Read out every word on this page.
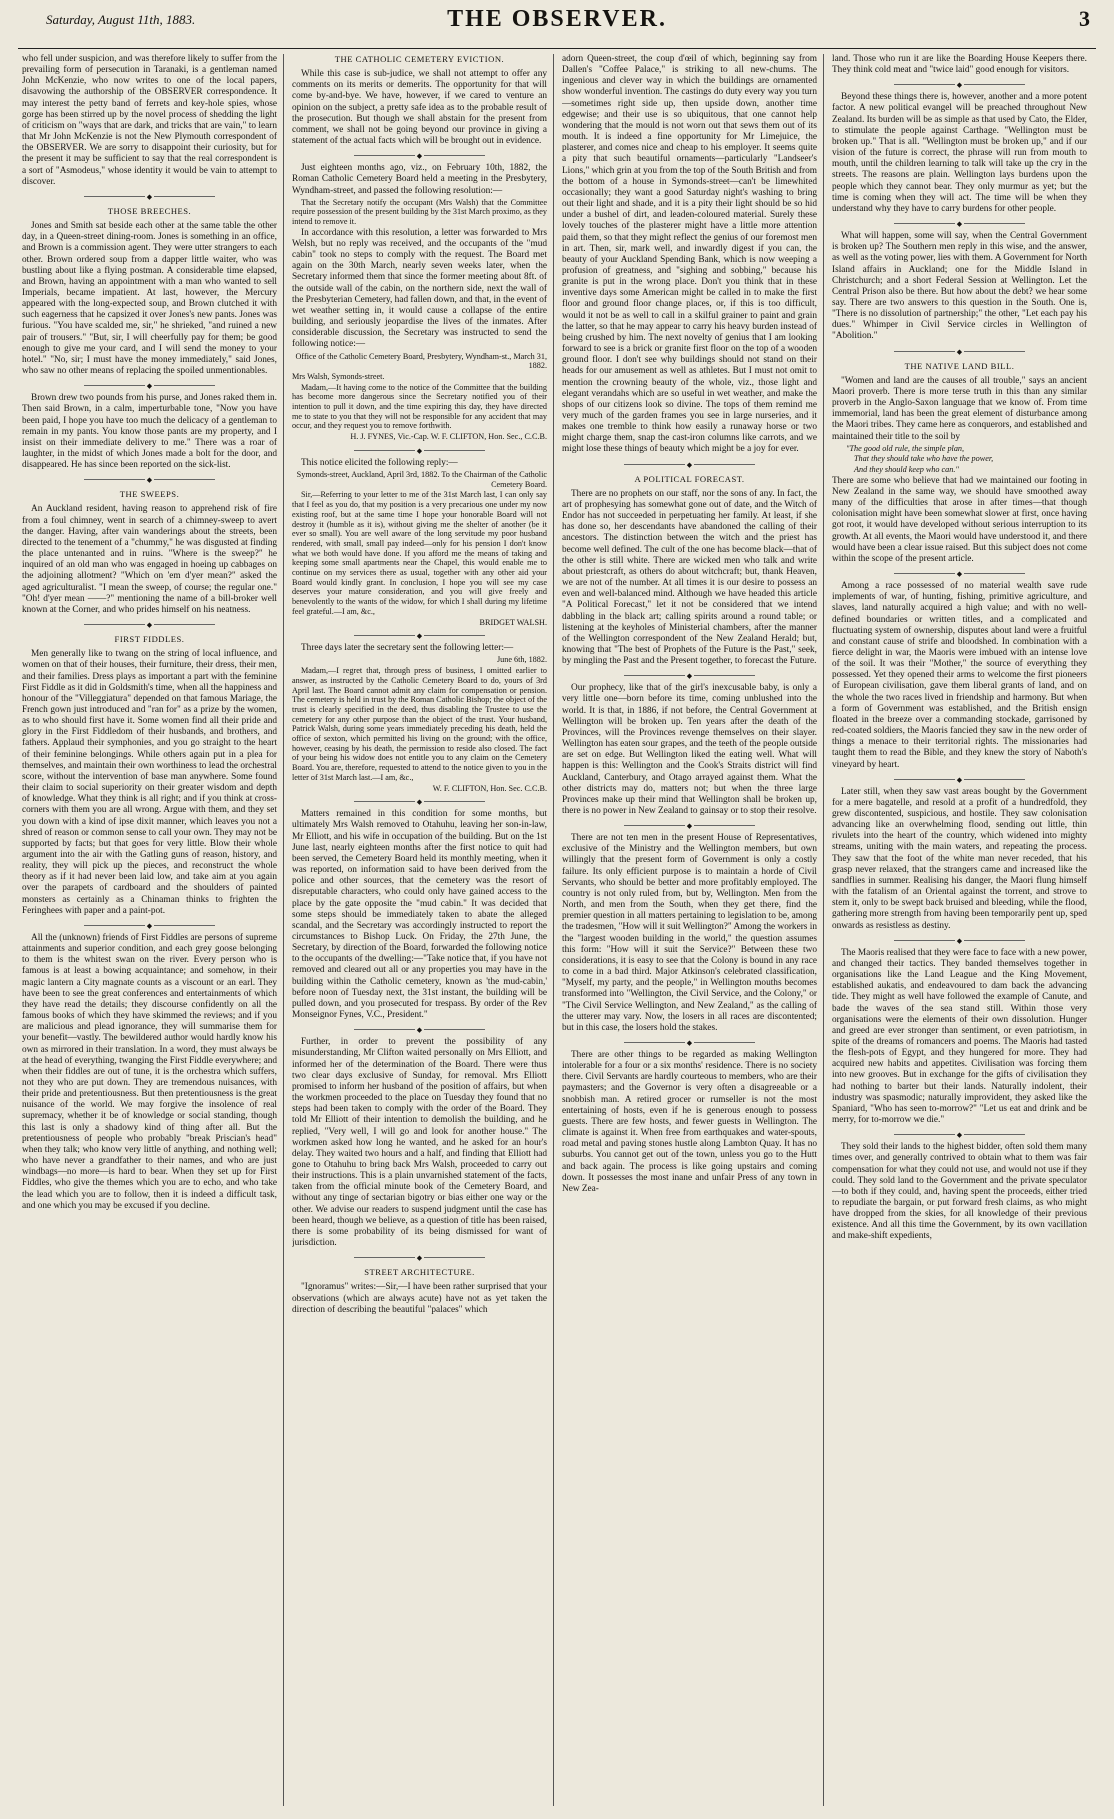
Saturday, August 11th, 1883.	THE OBSERVER.	3

who fell under suspicion, and was therefore likely to suffer from the prevailing form of persecution in Taranaki, is a gentleman named John McKenzie, who now writes to one of the local papers, disavowing the authorship of the OBSERVER correspondence. It may interest the petty band of ferrets and key-hole spies, whose gorge has been stirred up by the novel process of shedding the light of criticism on "ways that are dark, and tricks that are vain," to learn that Mr John McKenzie is not the New Plymouth correspondent of the OBSERVER. We are sorry to disappoint their curiosity, but for the present it may be sufficient to say that the real correspondent is a sort of "Asmodeus," whose identity it would be vain to attempt to discover.

◆
THOSE BREECHES.

Jones and Smith sat beside each other at the same table the other day, in a Queen-street dining-room. Jones is something in an office, and Brown is a commission agent. They were utter strangers to each other. Brown ordered soup from a dapper little waiter, who was bustling about like a flying postman. A considerable time elapsed, and Brown, having an appointment with a man who wanted to sell Imperials, became impatient. At last, however, the Mercury appeared with the long-expected soup, and Brown clutched it with such eagerness that he capsized it over Jones's new pants. Jones was furious. "You have scalded me, sir," he shrieked, "and ruined a new pair of trousers." "But, sir, I will cheerfully pay for them; be good enough to give me your card, and I will send the money to your hotel." "No, sir; I must have the money immediately," said Jones, who saw no other means of replacing the spoiled unmentionables.

◆

Brown drew two pounds from his purse, and Jones raked them in. Then said Brown, in a calm, imperturbable tone, "Now you have been paid, I hope you have too much the delicacy of a gentleman to remain in my pants. You know those pants are my property, and I insist on their immediate delivery to me." There was a roar of laughter, in the midst of which Jones made a bolt for the door, and disappeared. He has since been reported on the sick-list.

◆
THE SWEEPS.

An Auckland resident, having reason to apprehend risk of fire from a foul chimney, went in search of a chimney-sweep to avert the danger. Having, after vain wanderings about the streets, been directed to the tenement of a "chummy," he was disgusted at finding the place untenanted and in ruins. "Where is the sweep?" he inquired of an old man who was engaged in hoeing up cabbages on the adjoining allotment? "Which on 'em d'yer mean?" asked the aged agriculturalist. "I mean the sweep, of course; the regular one." "Oh! d'yer mean ——?" mentioning the name of a bill-broker well known at the Corner, and who prides himself on his neatness.

◆
FIRST FIDDLES.

Men generally like to twang on the string of local influence, and women on that of their houses, their furniture, their dress, their men, and their families. Dress plays as important a part with the feminine First Fiddle as it did in Goldsmith's time, when all the happiness and honour of the "Villeggiatura" depended on that famous Mariage, the French gown just introduced and "ran for" as a prize by the women, as to who should first have it. Some women find all their pride and glory in the First Fiddledom of their husbands, and brothers, and fathers. Applaud their symphonies, and you go straight to the heart of their feminine belongings. While others again put in a plea for themselves, and maintain their own worthiness to lead the orchestral score, without the intervention of base man anywhere. Some found their claim to social superiority on their greater wisdom and depth of knowledge. What they think is all right; and if you think at cross-corners with them you are all wrong. Argue with them, and they set you down with a kind of ipse dixit manner, which leaves you not a shred of reason or common sense to call your own. They may not be supported by facts; but that goes for very little. Blow their whole argument into the air with the Gatling guns of reason, history, and reality, they will pick up the pieces, and reconstruct the whole theory as if it had never been laid low, and take aim at you again over the parapets of cardboard and the shoulders of painted monsters as certainly as a Chinaman thinks to frighten the Feringhees with paper and a paint-pot.

◆

All the (unknown) friends of First Fiddles are persons of supreme attainments and superior condition, and each grey goose belonging to them is the whitest swan on the river. Every person who is famous is at least a bowing acquaintance; and somehow, in their magic lantern a City magnate counts as a viscount or an earl. They have been to see the great conferences and entertainments of which they have read the details; they discourse confidently on all the famous books of which they have skimmed the reviews; and if you are malicious and plead ignorance, they will summarise them for your benefit—vastly. The bewildered author would hardly know his own as mirrored in their translation. In a word, they must always be at the head of everything, twanging the First Fiddle everywhere; and when their fiddles are out of tune, it is the orchestra which suffers, not they who are put down. They are tremendous nuisances, with their pride and pretentiousness. But then pretentiousness is the great nuisance of the world. We may forgive the insolence of real supremacy, whether it be of knowledge or social standing, though this last is only a shadowy kind of thing after all. But the pretentiousness of people who probably "break Priscian's head" when they talk; who know very little of anything, and nothing well; who have never a grandfather to their names, and who are just windbags—no more—is hard to bear. When they set up for First Fiddles, who give the themes which you are to echo, and who take the lead which you are to follow, then it is indeed a difficult task, and one which you may be excused if you decline.

THE CATHOLIC CEMETERY EVICTION.

While this case is sub-judice, we shall not attempt to offer any comments on its merits or demerits. The opportunity for that will come by-and-bye. We have, however, if we cared to venture an opinion on the subject, a pretty safe idea as to the probable result of the prosecution. But though we shall abstain for the present from comment, we shall not be going beyond our province in giving a statement of the actual facts which will be brought out in evidence.

◆

Just eighteen months ago, viz., on February 10th, 1882, the Roman Catholic Cemetery Board held a meeting in the Presbytery, Wyndham-street, and passed the following resolution:—

That the Secretary notify the occupant (Mrs Walsh) that the Committee require possession of the present building by the 31st March proximo, as they intend to remove it.

In accordance with this resolution, a letter was forwarded to Mrs Welsh, but no reply was received, and the occupants of the "mud cabin" took no steps to comply with the request. The Board met again on the 30th March, nearly seven weeks later, when the Secretary informed them that since the former meeting about 8ft. of the outside wall of the cabin, on the northern side, next the wall of the Presbyterian Cemetery, had fallen down, and that, in the event of wet weather setting in, it would cause a collapse of the entire building, and seriously jeopardise the lives of the inmates. After considerable discussion, the Secretary was instructed to send the following notice:—

Office of the Catholic Cemetery Board, Presbytery, Wyndham-st., March 31, 1882.

Mrs Walsh, Symonds-street.

Madam,—It having come to the notice of the Committee that the building has become more dangerous since the Secretary notified you of their intention to pull it down, and the time expiring this day, they have directed me to state to you that they will not be responsible for any accident that may occur, and they request you to remove forthwith.

H. J. FYNES, Vic.-Cap. W. F. CLIFTON, Hon. Sec., C.C.B.

◆

This notice elicited the following reply:—

Symonds-street, Auckland, April 3rd, 1882. To the Chairman of the Catholic Cemetery Board.

Sir,—Referring to your letter to me of the 31st March last, I can only say that I feel as you do, that my position is a very precarious one under my now existing roof, but at the same time I hope your honorable Board will not destroy it (humble as it is), without giving me the shelter of another (be it ever so small). You are well aware of the long servitude my poor husband rendered, with small, small pay indeed—only for his pension I don't know what we both would have done. If you afford me the means of taking and keeping some small apartments near the Chapel, this would enable me to continue on my services there as usual, together with any other aid your Board would kindly grant. In conclusion, I hope you will see my case deserves your mature consideration, and you will give freely and benevolently to the wants of the widow, for which I shall during my lifetime feel grateful.—I am, &c.,

BRIDGET WALSH.

◆

Three days later the secretary sent the following letter:—

June 6th, 1882.

Madam,—I regret that, through press of business, I omitted earlier to answer, as instructed by the Catholic Cemetery Board to do, yours of 3rd April last. The Board cannot admit any claim for compensation or pension. The cemetery is held in trust by the Roman Catholic Bishop; the object of the trust is clearly specified in the deed, thus disabling the Trustee to use the cemetery for any other purpose than the object of the trust. Your husband, Patrick Walsh, during some years immediately preceding his death, held the office of sexton, which permitted his living on the ground; with the office, however, ceasing by his death, the permission to reside also closed. The fact of your being his widow does not entitle you to any claim on the Cemetery Board. You are, therefore, requested to attend to the notice given to you in the letter of 31st March last.—I am, &c.,

W. F. CLIFTON, Hon. Sec. C.C.B.

◆

Matters remained in this condition for some months, but ultimately Mrs Walsh removed to Otahuhu, leaving her son-in-law, Mr Elliott, and his wife in occupation of the building. But on the 1st June last, nearly eighteen months after the first notice to quit had been served, the Cemetery Board held its monthly meeting, when it was reported, on information said to have been derived from the police and other sources, that the cemetery was the resort of disreputable characters, who could only have gained access to the place by the gate opposite the "mud cabin." It was decided that some steps should be immediately taken to abate the alleged scandal, and the Secretary was accordingly instructed to report the circumstances to Bishop Luck. On Friday, the 27th June, the Secretary, by direction of the Board, forwarded the following notice to the occupants of the dwelling:—"Take notice that, if you have not removed and cleared out all or any properties you may have in the building within the Catholic cemetery, known as 'the mud-cabin,' before noon of Tuesday next, the 31st instant, the building will be pulled down, and you prosecuted for trespass. By order of the Rev Monseignor Fynes, V.C., President."

◆

Further, in order to prevent the possibility of any misunderstanding, Mr Clifton waited personally on Mrs Elliott, and informed her of the determination of the Board. There were thus two clear days exclusive of Sunday, for removal. Mrs Elliott promised to inform her husband of the position of affairs, but when the workmen proceeded to the place on Tuesday they found that no steps had been taken to comply with the order of the Board. They told Mr Elliott of their intention to demolish the building, and he replied, "Very well, I will go and look for another house." The workmen asked how long he wanted, and he asked for an hour's delay. They waited two hours and a half, and finding that Elliott had gone to Otahuhu to bring back Mrs Walsh, proceeded to carry out their instructions. This is a plain unvarnished statement of the facts, taken from the official minute book of the Cemetery Board, and without any tinge of sectarian bigotry or bias either one way or the other. We advise our readers to suspend judgment until the case has been heard, though we believe, as a question of title has been raised, there is some probability of its being dismissed for want of jurisdiction.

◆
STREET ARCHITECTURE.

"Ignoramus" writes:—Sir,—I have been rather surprised that your observations (which are always acute) have not as yet taken the direction of describing the beautiful "palaces" which

adorn Queen-street, the coup d'œil of which, beginning say from Dallen's "Coffee Palace," is striking to all new-chums. The ingenious and clever way in which the buildings are ornamented show wonderful invention. The castings do duty every way you turn—sometimes right side up, then upside down, another time edgewise; and their use is so ubiquitous, that one cannot help wondering that the mould is not worn out that sews them out of its mouth. It is indeed a fine opportunity for Mr Limejuice, the plasterer, and comes nice and cheap to his employer. It seems quite a pity that such beautiful ornaments—particularly "Landseer's Lions," which grin at you from the top of the South British and from the bottom of a house in Symonds-street—can't be limewhited occasionally; they want a good Saturday night's washing to bring out their light and shade, and it is a pity their light should be so hid under a bushel of dirt, and leaden-coloured material. Surely these lovely touches of the plasterer might have a little more attention paid them, so that they might reflect the genius of our foremost men in art. Then, sir, mark well, and inwardly digest if you can, the beauty of your Auckland Spending Bank, which is now weeping a profusion of greatness, and "sighing and sobbing," because his granite is put in the wrong place. Don't you think that in these inventive days some American might be called in to make the first floor and ground floor change places, or, if this is too difficult, would it not be as well to call in a skilful grainer to paint and grain the latter, so that he may appear to carry his heavy burden instead of being crushed by him. The next novelty of genius that I am looking forward to see is a brick or granite first floor on the top of a wooden ground floor. I don't see why buildings should not stand on their heads for our amusement as well as athletes. But I must not omit to mention the crowning beauty of the whole, viz., those light and elegant verandahs which are so useful in wet weather, and make the shops of our citizens look so divine. The tops of them remind me very much of the garden frames you see in large nurseries, and it makes one tremble to think how easily a runaway horse or two might charge them, snap the cast-iron columns like carrots, and we might lose these things of beauty which might be a joy for ever.

◆
A POLITICAL FORECAST.

There are no prophets on our staff, nor the sons of any. In fact, the art of prophesying has somewhat gone out of date, and the Witch of Endor has not succeeded in perpetuating her family. At least, if she has done so, her descendants have abandoned the calling of their ancestors. The distinction between the witch and the priest has become well defined. The cult of the one has become black—that of the other is still white. There are wicked men who talk and write about priestcraft, as others do about witchcraft; but, thank Heaven, we are not of the number. At all times it is our desire to possess an even and well-balanced mind. Although we have headed this article "A Political Forecast," let it not be considered that we intend dabbling in the black art; calling spirits around a round table; or listening at the keyholes of Ministerial chambers, after the manner of the Wellington correspondent of the New Zealand Herald; but, knowing that "The best of Prophets of the Future is the Past," seek, by mingling the Past and the Present together, to forecast the Future.

◆

Our prophecy, like that of the girl's inexcusable baby, is only a very little one—born before its time, coming unblushed into the world. It is that, in 1886, if not before, the Central Government at Wellington will be broken up. Ten years after the death of the Provinces, will the Provinces revenge themselves on their slayer. Wellington has eaten sour grapes, and the teeth of the people outside are set on edge. But Wellington liked the eating well. What will happen is this: Wellington and the Cook's Straits district will find Auckland, Canterbury, and Otago arrayed against them. What the other districts may do, matters not; but when the three large Provinces make up their mind that Wellington shall be broken up, there is no power in New Zealand to gainsay or to stop their resolve.

◆

There are not ten men in the present House of Representatives, exclusive of the Ministry and the Wellington members, but own willingly that the present form of Government is only a costly failure. Its only efficient purpose is to maintain a horde of Civil Servants, who should be better and more profitably employed. The country is not only ruled from, but by, Wellington. Men from the North, and men from the South, when they get there, find the premier question in all matters pertaining to legislation to be, among the tradesmen, "How will it suit Wellington?" Among the workers in the "largest wooden building in the world," the question assumes this form: "How will it suit the Service?" Between these two considerations, it is easy to see that the Colony is bound in any race to come in a bad third. Major Atkinson's celebrated classification, "Myself, my party, and the people," in Wellington mouths becomes transformed into "Wellington, the Civil Service, and the Colony," or "The Civil Service Wellington, and New Zealand," as the calling of the utterer may vary. Now, the losers in all races are discontented; but in this case, the losers hold the stakes.

◆

There are other things to be regarded as making Wellington intolerable for a four or a six months' residence. There is no society there. Civil Servants are hardly courteous to members, who are their paymasters; and the Governor is very often a disagreeable or a snobbish man. A retired grocer or rumseller is not the most entertaining of hosts, even if he is generous enough to possess guests. There are few hosts, and fewer guests in Wellington. The climate is against it. When free from earthquakes and water-spouts, road metal and paving stones hustle along Lambton Quay. It has no suburbs. You cannot get out of the town, unless you go to the Hutt and back again. The process is like going upstairs and coming down. It possesses the most inane and unfair Press of any town in New Zea-

land. Those who run it are like the Boarding House Keepers there. They think cold meat and "twice laid" good enough for visitors.

◆

Beyond these things there is, however, another and a more potent factor. A new political evangel will be preached throughout New Zealand. Its burden will be as simple as that used by Cato, the Elder, to stimulate the people against Carthage. "Wellington must be broken up." That is all. "Wellington must be broken up," and if our vision of the future is correct, the phrase will run from mouth to mouth, until the children learning to talk will take up the cry in the streets. The reasons are plain. Wellington lays burdens upon the people which they cannot bear. They only murmur as yet; but the time is coming when they will act. The time will be when they understand why they have to carry burdens for other people.

◆

What will happen, some will say, when the Central Government is broken up? The Southern men reply in this wise, and the answer, as well as the voting power, lies with them. A Government for North Island affairs in Auckland; one for the Middle Island in Christchurch; and a short Federal Session at Wellington. Let the Central Prison also be there. But how about the debt? we hear some say. There are two answers to this question in the South. One is, "There is no dissolution of partnership;" the other, "Let each pay his dues." Whimper in Civil Service circles in Wellington of "Abolition."

◆
THE NATIVE LAND BILL.

"Women and land are the causes of all trouble," says an ancient Maori proverb. There is more terse truth in this than any similar proverb in the Anglo-Saxon language that we know of. From time immemorial, land has been the great element of disturbance among the Maori tribes. They came here as conquerors, and established and maintained their title to the soil by

"The good old rule, the simple plan,

That they should take who have the power,

And they should keep who can."

There are some who believe that had we maintained our footing in New Zealand in the same way, we should have smoothed away many of the difficulties that arose in after times—that though colonisation might have been somewhat slower at first, once having got root, it would have developed without serious interruption to its growth. At all events, the Maori would have understood it, and there would have been a clear issue raised. But this subject does not come within the scope of the present article.

◆

Among a race possessed of no material wealth save rude implements of war, of hunting, fishing, primitive agriculture, and slaves, land naturally acquired a high value; and with no well-defined boundaries or written titles, and a complicated and fluctuating system of ownership, disputes about land were a fruitful and constant cause of strife and bloodshed. In combination with a fierce delight in war, the Maoris were imbued with an intense love of the soil. It was their "Mother," the source of everything they possessed. Yet they opened their arms to welcome the first pioneers of European civilisation, gave them liberal grants of land, and on the whole the two races lived in friendship and harmony. But when a form of Government was established, and the British ensign floated in the breeze over a commanding stockade, garrisoned by red-coated soldiers, the Maoris fancied they saw in the new order of things a menace to their territorial rights. The missionaries had taught them to read the Bible, and they knew the story of Naboth's vineyard by heart.

◆

Later still, when they saw vast areas bought by the Government for a mere bagatelle, and resold at a profit of a hundredfold, they grew discontented, suspicious, and hostile. They saw colonisation advancing like an overwhelming flood, sending out little, thin rivulets into the heart of the country, which widened into mighty streams, uniting with the main waters, and repeating the process. They saw that the foot of the white man never receded, that his grasp never relaxed, that the strangers came and increased like the sandflies in summer. Realising his danger, the Maori flung himself with the fatalism of an Oriental against the torrent, and strove to stem it, only to be swept back bruised and bleeding, while the flood, gathering more strength from having been temporarily pent up, sped onwards as resistless as destiny.

◆

The Maoris realised that they were face to face with a new power, and changed their tactics. They banded themselves together in organisations like the Land League and the King Movement, established aukatis, and endeavoured to dam back the advancing tide. They might as well have followed the example of Canute, and bade the waves of the sea stand still. Within those very organisations were the elements of their own dissolution. Hunger and greed are ever stronger than sentiment, or even patriotism, in spite of the dreams of romancers and poems. The Maoris had tasted the flesh-pots of Egypt, and they hungered for more. They had acquired new habits and appetites. Civilisation was forcing them into new grooves. But in exchange for the gifts of civilisation they had nothing to barter but their lands. Naturally indolent, their industry was spasmodic; naturally improvident, they asked like the Spaniard, "Who has seen to-morrow?" "Let us eat and drink and be merry, for to-morrow we die."

◆

They sold their lands to the highest bidder, often sold them many times over, and generally contrived to obtain what to them was fair compensation for what they could not use, and would not use if they could. They sold land to the Government and the private speculator—to both if they could, and, having spent the proceeds, either tried to repudiate the bargain, or put forward fresh claims, as who might have dropped from the skies, for all knowledge of their previous existence. And all this time the Government, by its own vacillation and make-shift expedients,
